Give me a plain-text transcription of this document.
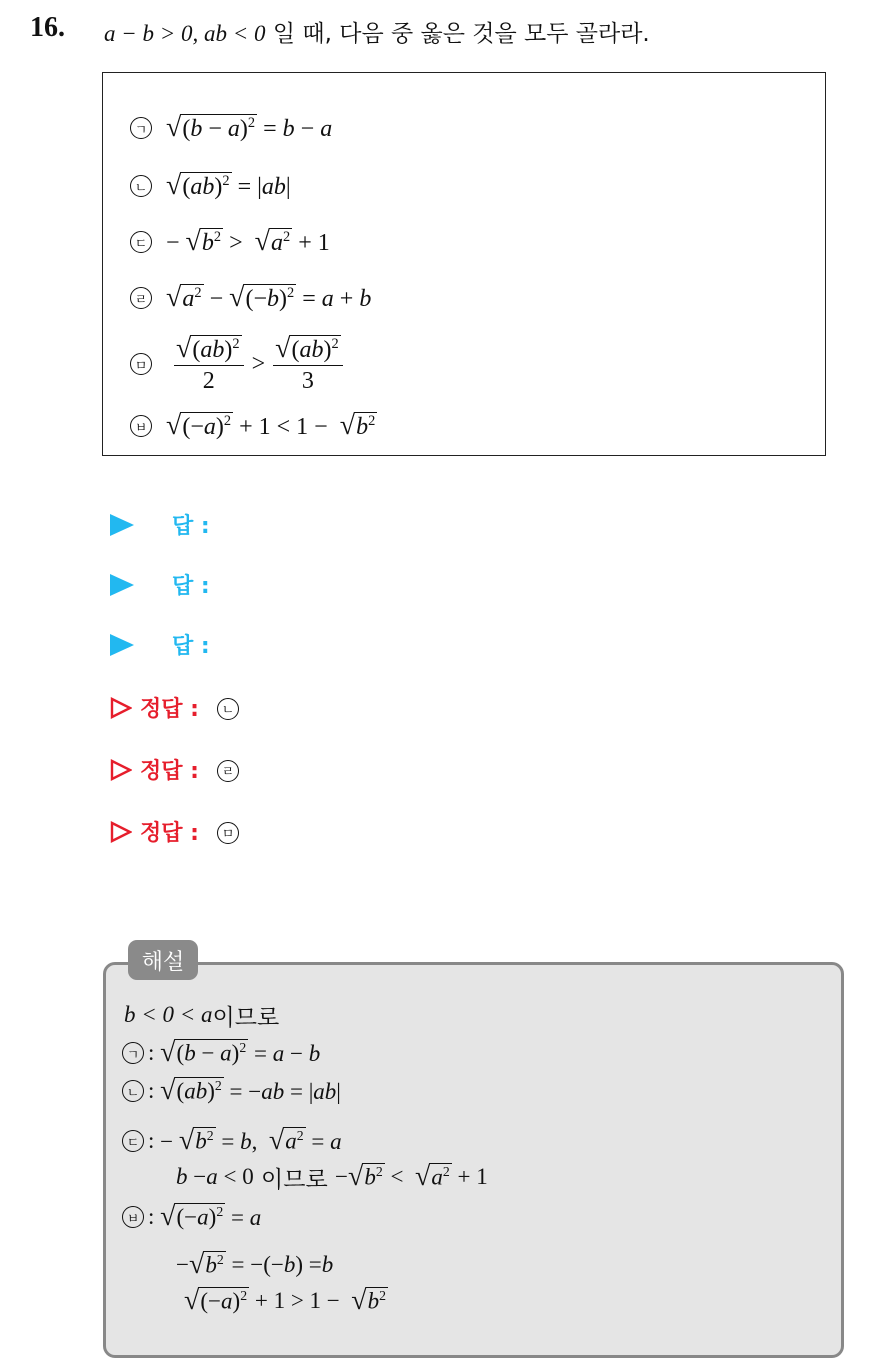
16. a − b > 0, ab < 0 일 때, 다음 중 옳은 것을 모두 골라라.
ㄱ $√(b - a)^2 = b - a$
ㄴ √(ab)$^2$ = |ab|
ㄷ − $√b^2 > √a^2 + 1$
ㄹ $√a^2 - √(-b)^2 = a + b$
ㅁ $\frac{√(ab)^2}{2} > \frac{√(ab)^2}{3}$
ㅂ $√(-a)^2 + 1 < 1 - √b^2$
답 :
답 :
답 :
정답 :	ㄴ
정답 :	ㄹ
정답 :	ㅁ
해설
b < 0 < a 이므로
ㄱ : $√(b - a)^2 = a - b$
ㄴ : √(ab)$^2$ = −ab = |ab|
ㄷ : − $√b^2 = b$,  $√a^2 = a$
b − a < 0 이므로 − √ $b^2$ < √ $a^2 + 1$
ㅂ : $√(-a)^2 = a$
− √ $b^2$ = −(− b ) = b
√ $(-a)^2 + 1 > 1$ − √ $b^2$
